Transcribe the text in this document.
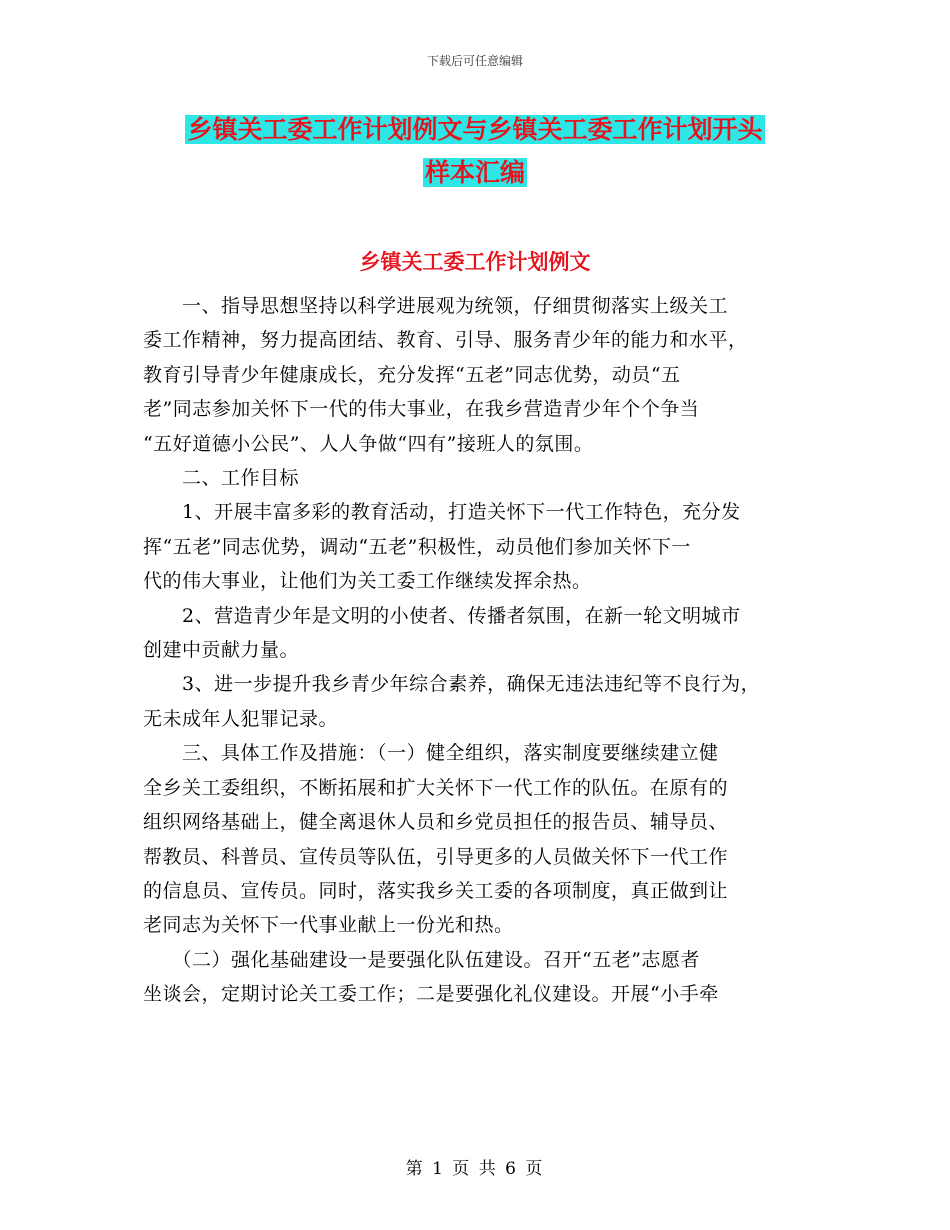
下载后可任意编辑
乡镇关工委工作计划例文与乡镇关工委工作计划开头
样本汇编
乡镇关工委工作计划例文

　　一、指导思想坚持以科学进展观为统领，仔细贯彻落实上级关工

委工作精神，努力提高团结、教育、引导、服务青少年的能力和水平，

教育引导青少年健康成长，充分发挥“五老”同志优势，动员“五

老”同志参加关怀下一代的伟大事业，在我乡营造青少年个个争当

“五好道德小公民”、人人争做“四有”接班人的氛围。

　　二、工作目标

　　1、开展丰富多彩的教育活动，打造关怀下一代工作特色，充分发

挥“五老”同志优势，调动“五老”积极性，动员他们参加关怀下一

代的伟大事业，让他们为关工委工作继续发挥余热。

　　2、营造青少年是文明的小使者、传播者氛围，在新一轮文明城市

创建中贡献力量。

　　3、进一步提升我乡青少年综合素养，确保无违法违纪等不良行为，

无未成年人犯罪记录。

　　三、具体工作及措施：（一）健全组织，落实制度要继续建立健

全乡关工委组织，不断拓展和扩大关怀下一代工作的队伍。在原有的

组织网络基础上，健全离退休人员和乡党员担任的报告员、辅导员、

帮教员、科普员、宣传员等队伍，引导更多的人员做关怀下一代工作

的信息员、宣传员。同时，落实我乡关工委的各项制度，真正做到让

老同志为关怀下一代事业献上一份光和热。

　　（二）强化基础建设一是要强化队伍建设。召开“五老”志愿者

坐谈会，定期讨论关工委工作；二是要强化礼仪建设。开展“小手牵

第 1 页 共 6 页
